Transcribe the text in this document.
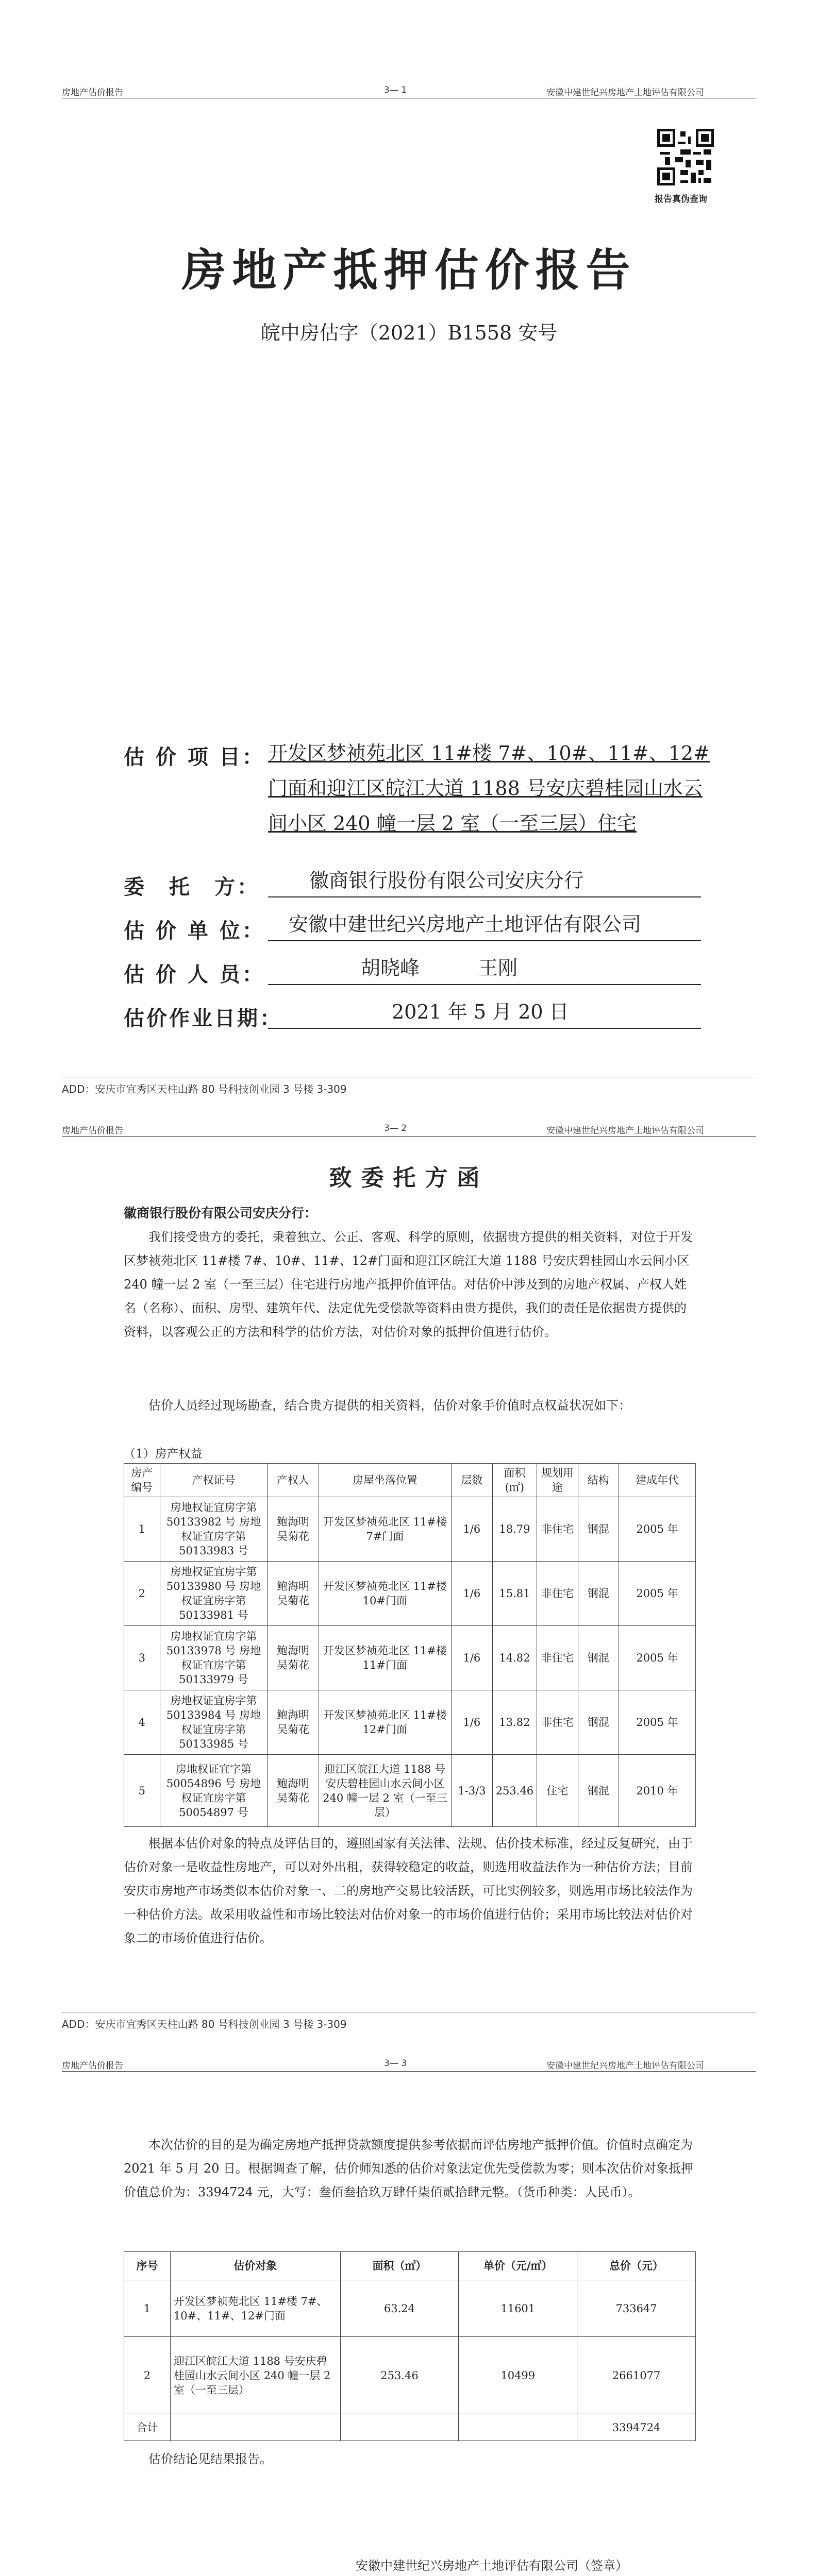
房地产估价报告	3— 1	安徽中建世纪兴房地产土地评估有限公司
报告真伪查询
房地产抵押估价报告
皖中房估字（2021）B1558 安号
估 价 项 目： 开发区梦祯苑北区 11#楼 7#、10#、11#、12#门面和迎江区皖江大道 1188 号安庆碧桂园山水云间小区 240 幢一层 2 室（一至三层）住宅
委　托　方：	徽商银行股份有限公司安庆分行
估 价 单 位： 安徽中建世纪兴房地产土地评估有限公司
估 价 人 员：	胡晓峰　　　王刚
估价作业日期：	2021 年 5 月 20 日
ADD：安庆市宜秀区天柱山路 80 号科技创业园 3 号楼 3-309
房地产估价报告	3— 2	安徽中建世纪兴房地产土地评估有限公司
致委托方函
徽商银行股份有限公司安庆分行：
我们接受贵方的委托，秉着独立、公正、客观、科学的原则，依据贵方提供的相关资料，对位于开发区梦祯苑北区 11#楼 7#、10#、11#、12#门面和迎江区皖江大道 1188 号安庆碧桂园山水云间小区 240 幢一层 2 室（一至三层）住宅进行房地产抵押价值评估。对估价中涉及到的房地产权属、产权人姓名（名称）、面积、房型、建筑年代、法定优先受偿款等资料由贵方提供，我们的责任是依据贵方提供的资料，以客观公正的方法和科学的估价方法，对估价对象的抵押价值进行估价。
估价人员经过现场勘查，结合贵方提供的相关资料，估价对象手价值时点权益状况如下：
（1）房产权益
房产编号	产权证号	产权人	房屋坐落位置	层数	面积(㎡)	规划用途	结构	建成年代
1	房地权证宜房字第 50133982 号 房地权证宜房字第 50133983 号	鲍海明 吴菊花	开发区梦祯苑北区 11#楼 7#门面	1/6	18.79	非住宅	钢混	2005 年
2	房地权证宜房字第 50133980 号 房地权证宜房字第 50133981 号	鲍海明 吴菊花	开发区梦祯苑北区 11#楼 10#门面	1/6	15.81	非住宅	钢混	2005 年
3	房地权证宜房字第 50133978 号 房地权证宜房字第 50133979 号	鲍海明 吴菊花	开发区梦祯苑北区 11#楼 11#门面	1/6	14.82	非住宅	钢混	2005 年
4	房地权证宜房字第 50133984 号 房地权证宜房字第 50133985 号	鲍海明 吴菊花	开发区梦祯苑北区 11#楼 12#门面	1/6	13.82	非住宅	钢混	2005 年
5	房地权证宜字第 50054896 号 房地权证宜房字第 50054897 号	鲍海明 吴菊花	迎江区皖江大道 1188 号安庆碧桂园山水云间小区 240 幢一层 2 室（一至三层）	1-3/3	253.46	住宅	钢混	2010 年
根据本估价对象的特点及评估目的，遵照国家有关法律、法规、估价技术标准，经过反复研究，由于估价对象一是收益性房地产，可以对外出租，获得较稳定的收益，则选用收益法作为一种估价方法；目前安庆市房地产市场类似本估价对象一、二的房地产交易比较活跃，可比实例较多，则选用市场比较法作为一种估价方法。故采用收益性和市场比较法对估价对象一的市场价值进行估价；采用市场比较法对估价对象二的市场价值进行估价。
ADD：安庆市宜秀区天柱山路 80 号科技创业园 3 号楼 3-309
房地产估价报告	3— 3	安徽中建世纪兴房地产土地评估有限公司
本次估价的目的是为确定房地产抵押贷款额度提供参考依据而评估房地产抵押价值。价值时点确定为 2021 年 5 月 20 日。根据调查了解，估价师知悉的估价对象法定优先受偿款为零；则本次估价对象抵押价值总价为：3394724 元，大写：叁佰叁拾玖万肆仟柒佰贰拾肆元整。（货币种类：人民币）。
序号	估价对象	面积（㎡）	单价（元/㎡）	总价（元）
1	开发区梦祯苑北区 11#楼 7#、10#、11#、12#门面	63.24	11601	733647
2	迎江区皖江大道 1188 号安庆碧桂园山水云间小区 240 幢一层 2 室（一至三层）	253.46	10499	2661077
合计				3394724
估价结论见结果报告。
安徽中建世纪兴房地产土地评估有限公司（签章）
